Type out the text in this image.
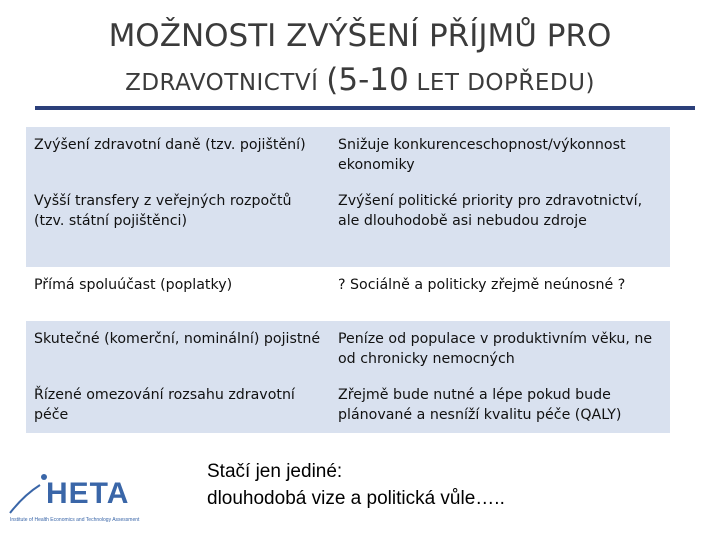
MOŽNOSTI ZVÝŠENÍ PŘÍJMŮ PRO
ZDRAVOTNICTVÍ (5-10 LET DOPŘEDU)
Zvýšení zdravotní daně (tzv. pojištění)	Snižuje konkurenceschopnost/výkonnost ekonomiky
Vyšší transfery z veřejných rozpočtů (tzv. státní pojištěnci)	Zvýšení politické priority pro zdravotnictví, ale dlouhodobě asi nebudou zdroje
Přímá spoluúčast (poplatky)	? Sociálně a politicky zřejmě neúnosné ?
Skutečné (komerční, nominální) pojistné	Peníze od populace v produktivním věku, ne od chronicky nemocných
Řízené omezování rozsahu zdravotní péče	Zřejmě bude nutné a lépe pokud bude plánované a nesníží kvalitu péče (QALY)
HETA
Institute of Health Economics and Technology Assessment
Stačí jen jediné:
dlouhodobá vize a politická vůle…..
